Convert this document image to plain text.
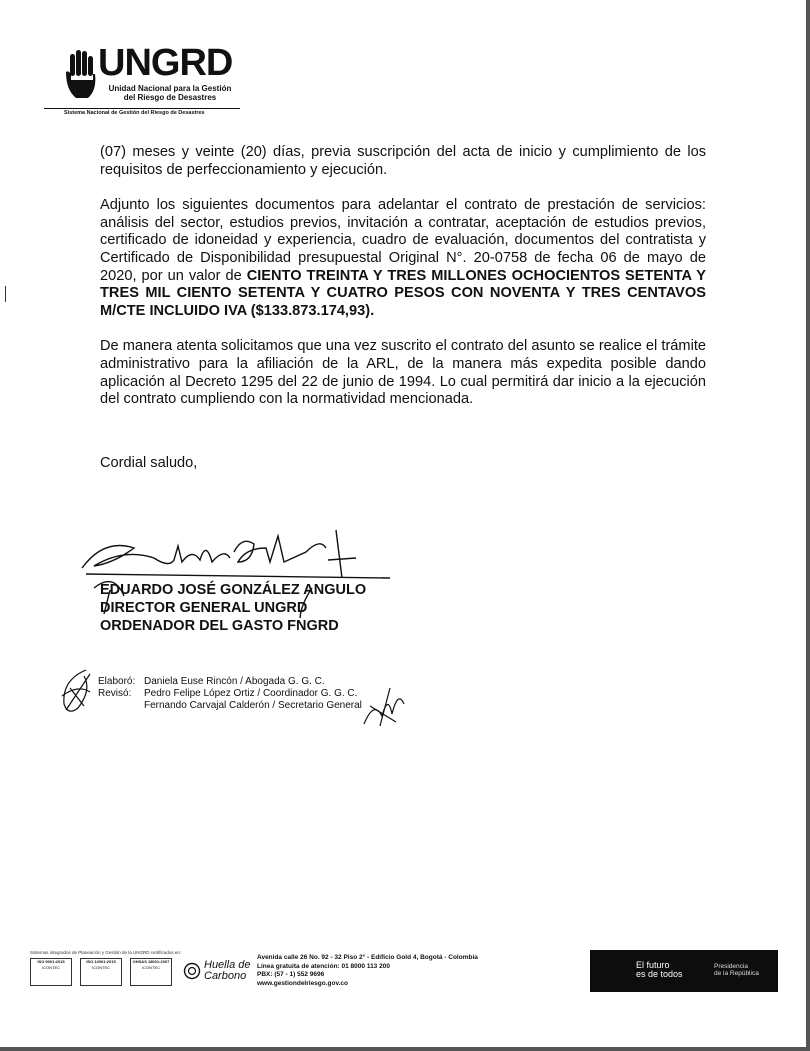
UNGRD
Unidad Nacional para la Gestión
del Riesgo de Desastres
Sistema Nacional de Gestión del Riesgo de Desastres

(07) meses y veinte (20) días, previa suscripción del acta de inicio y cumplimiento de los requisitos de perfeccionamiento y ejecución.

Adjunto los siguientes documentos para adelantar el contrato de prestación de servicios: análisis del sector, estudios previos, invitación a contratar, aceptación de estudios previos, certificado de idoneidad y experiencia, cuadro de evaluación, documentos del contratista y Certificado de Disponibilidad presupuestal Original N°. 20-0758 de fecha 06 de mayo de 2020, por un valor de CIENTO TREINTA Y TRES MILLONES OCHOCIENTOS SETENTA Y TRES MIL CIENTO SETENTA Y CUATRO PESOS CON NOVENTA Y TRES CENTAVOS M/CTE INCLUIDO IVA ($133.873.174,93).

De manera atenta solicitamos que una vez suscrito el contrato del asunto se realice el trámite administrativo para la afiliación de la ARL, de la manera más expedita posible dando aplicación al Decreto 1295 del 22 de junio de 1994. Lo cual permitirá dar inicio a la ejecución del contrato cumpliendo con la normatividad mencionada.

Cordial saludo,

EDUARDO JOSÉ GONZÁLEZ ANGULO
DIRECTOR GENERAL UNGRD
ORDENADOR DEL GASTO FNGRD
Elaboró: Daniela Euse Rincón / Abogada G. G. C.
Revisó:	Pedro Felipe López Ortiz / Coordinador G. G. C.
Fernando Carvajal Calderón / Secretario General
Sistemas integrados de Planeación y Gestión de la UNGRD certificados en:
ISO 9001:2015
ICONTEC
ISO 14001:2015
ICONTEC
OHSAS 18001:2007
ICONTEC	Huella de
Carbono
Avenida calle 26 No. 92 - 32 Piso 2° - Edificio Gold 4, Bogotá - Colombia
Línea gratuita de atención: 01 8000 113 200
PBX: (57 - 1) 552 9696
www.gestiondelriesgo.gov.co
El futuro
es de todos
Presidencia
de la República
